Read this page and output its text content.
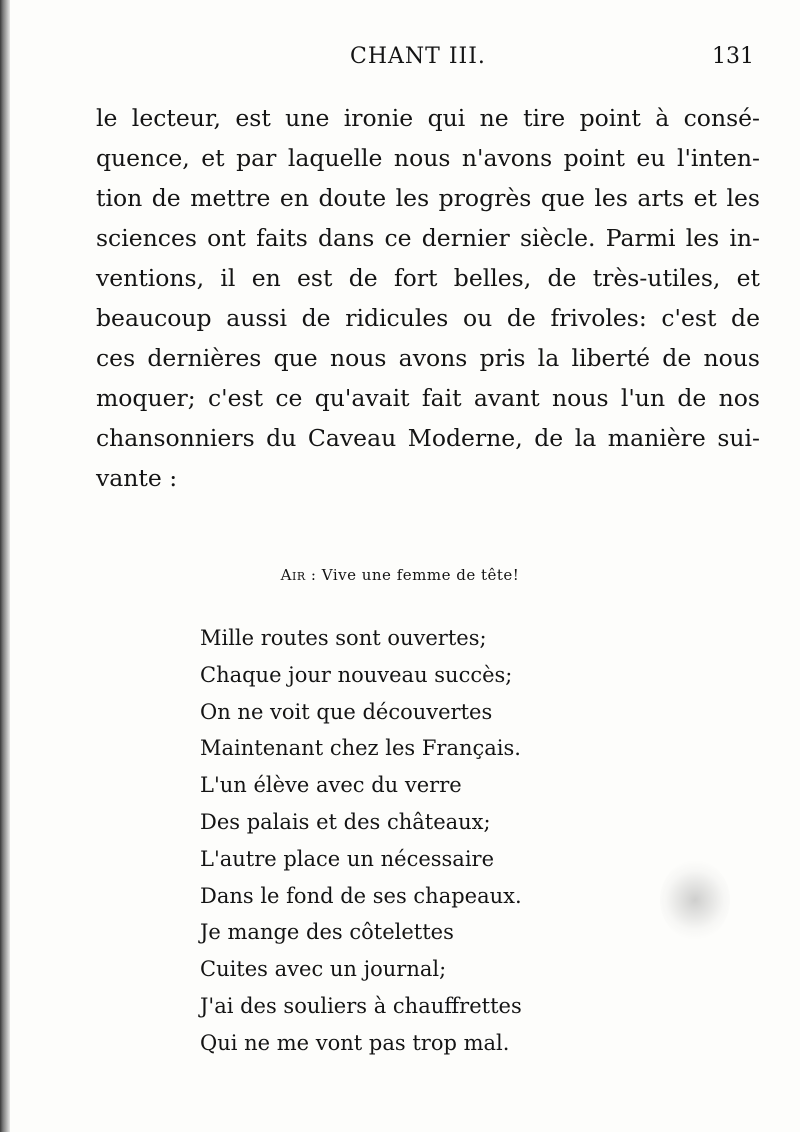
CHANT III.	131
le lecteur, est une ironie qui ne tire point à consé-
quence, et par laquelle nous n'avons point eu l'inten-
tion de mettre en doute les progrès que les arts et les
sciences ont faits dans ce dernier siècle. Parmi les in-
ventions, il en est de fort belles, de très-utiles, et
beaucoup aussi de ridicules ou de frivoles: c'est de
ces dernières que nous avons pris la liberté de nous
moquer; c'est ce qu'avait fait avant nous l'un de nos
chansonniers du Caveau Moderne, de la manière sui-
vante :
Air : Vive une femme de tête!
Mille routes sont ouvertes;
Chaque jour nouveau succès;
On ne voit que découvertes
Maintenant chez les Français.
L'un élève avec du verre
Des palais et des châteaux;
L'autre place un nécessaire
Dans le fond de ses chapeaux.
Je mange des côtelettes
Cuites avec un journal;
J'ai des souliers à chauffrettes
Qui ne me vont pas trop mal.
